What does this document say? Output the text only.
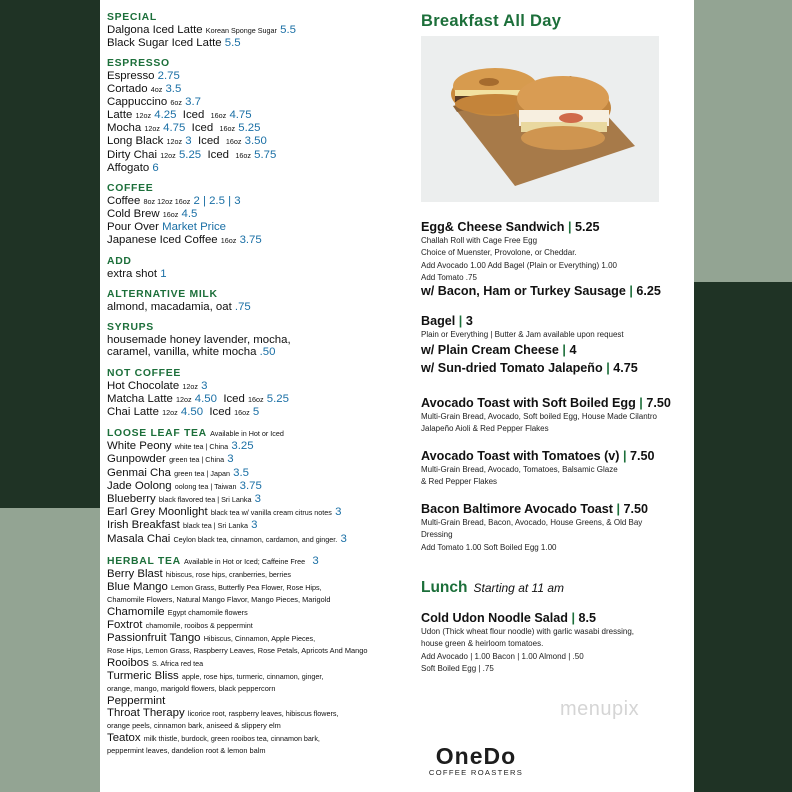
SPECIAL
Dalgona Iced Latte Korean Sponge Sugar 5.5
Black Sugar Iced Latte 5.5
ESPRESSO
Espresso 2.75
Cortado 4oz 3.5
Cappuccino 6oz 3.7
Latte 12oz 4.25 Iced 16oz 4.75
Mocha 12oz 4.75 Iced 16oz 5.25
Long Black 12oz 3 Iced 16oz 3.50
Dirty Chai 12oz 5.25 Iced 16oz 5.75
Affogato 6
COFFEE
Coffee 8oz 12oz 16oz 2 | 2.5 | 3
Cold Brew 16oz 4.5
Pour Over Market Price
Japanese Iced Coffee 16oz 3.75
ADD
extra shot 1
ALTERNATIVE MILK
almond, macadamia, oat .75
SYRUPS
housemade honey lavender, mocha,
caramel, vanilla, white mocha .50
NOT COFFEE
Hot Chocolate 12oz 3
Matcha Latte 12oz 4.50 Iced 16oz 5.25
Chai Latte 12oz 4.50 Iced 16oz 5
LOOSE LEAF TEA Available in Hot or Iced
White Peony white tea | China 3.25
Gunpowder green tea | China 3
Genmai Cha green tea | Japan 3.5
Jade Oolong oolong tea | Taiwan 3.75
Blueberry black flavored tea | Sri Lanka 3
Earl Grey Moonlight black tea w/ vanilla cream citrus notes 3
Irish Breakfast black tea | Sri Lanka 3
Masala Chai Ceylon black tea, cinnamon, cardamon, and ginger. 3
HERBAL TEA Available in Hot or Iced; Caffeine Free 3
Berry Blast hibiscus, rose hips, cranberries, berries
Blue Mango Lemon Grass, Butterfly Pea Flower, Rose Hips,
Chamomile Flowers, Natural Mango Flavor, Mango Pieces, Marigold
Chamomile Egypt chamomile flowers
Foxtrot chamomile, rooibos & peppermint
Passionfruit Tango Hibiscus, Cinnamon, Apple Pieces,
Rose Hips, Lemon Grass, Raspberry Leaves, Rose Petals, Apricots And Mango
Rooibos S. Africa red tea
Turmeric Bliss apple, rose hips, turmeric, cinnamon, ginger,
orange, mango, marigold flowers, black peppercorn
Peppermint
Throat Therapy licorice root, raspberry leaves, hibiscus flowers,
orange peels, cinnamon bark, aniseed & slippery elm
Teatox milk thistle, burdock, green rooibos tea, cinnamon bark,
peppermint leaves, dandelion root & lemon balm
Breakfast All Day
Egg& Cheese Sandwich | 5.25
Challah Roll with Cage Free Egg
Choice of Muenster, Provolone, or Cheddar.
Add Avocado 1.00 Add Bagel (Plain or Everything) 1.00
Add Tomato .75
w/ Bacon, Ham or Turkey Sausage | 6.25
Bagel | 3
Plain or Everything | Butter & Jam available upon request
w/ Plain Cream Cheese | 4
w/ Sun-dried Tomato Jalapeño | 4.75
Avocado Toast with Soft Boiled Egg | 7.50
Multi-Grain Bread, Avocado, Soft boiled Egg, House Made Cilantro
Jalapeño Aioli & Red Pepper Flakes
Avocado Toast with Tomatoes (v) | 7.50
Multi-Grain Bread, Avocado, Tomatoes, Balsamic Glaze
& Red Pepper Flakes
Bacon Baltimore Avocado Toast | 7.50
Multi-Grain Bread, Bacon, Avocado, House Greens, & Old Bay
Dressing
Add Tomato 1.00 Soft Boiled Egg 1.00
Lunch Starting at 11 am
Cold Udon Noodle Salad | 8.5
Udon (Thick wheat flour noodle) with garlic wasabi dressing,
house green & heirloom tomatoes.
Add Avocado | 1.00 Bacon | 1.00 Almond | .50
Soft Boiled Egg | .75
menupix
OneDo
COFFEE ROASTERS
